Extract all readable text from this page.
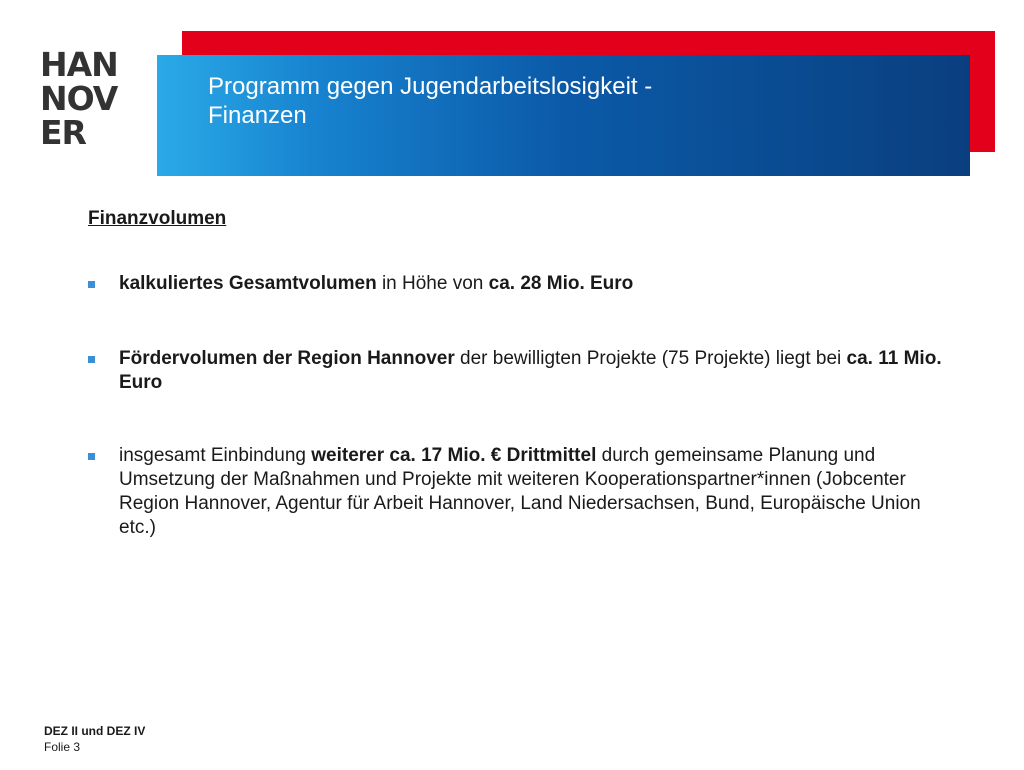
HAN
NOV
ER
Programm gegen Jugendarbeitslosigkeit -
Finanzen
Finanzvolumen
kalkuliertes Gesamtvolumen in Höhe von ca. 28 Mio. Euro
Fördervolumen der Region Hannover der bewilligten Projekte (75 Projekte) liegt bei ca. 11 Mio. Euro
insgesamt Einbindung weiterer ca. 17 Mio. € Drittmittel durch gemeinsame Planung und Umsetzung der Maßnahmen und Projekte mit weiteren Kooperationspartner*innen (Jobcenter Region Hannover, Agentur für Arbeit Hannover, Land Niedersachsen, Bund, Europäische Union etc.)
DEZ II und DEZ IV
Folie 3
